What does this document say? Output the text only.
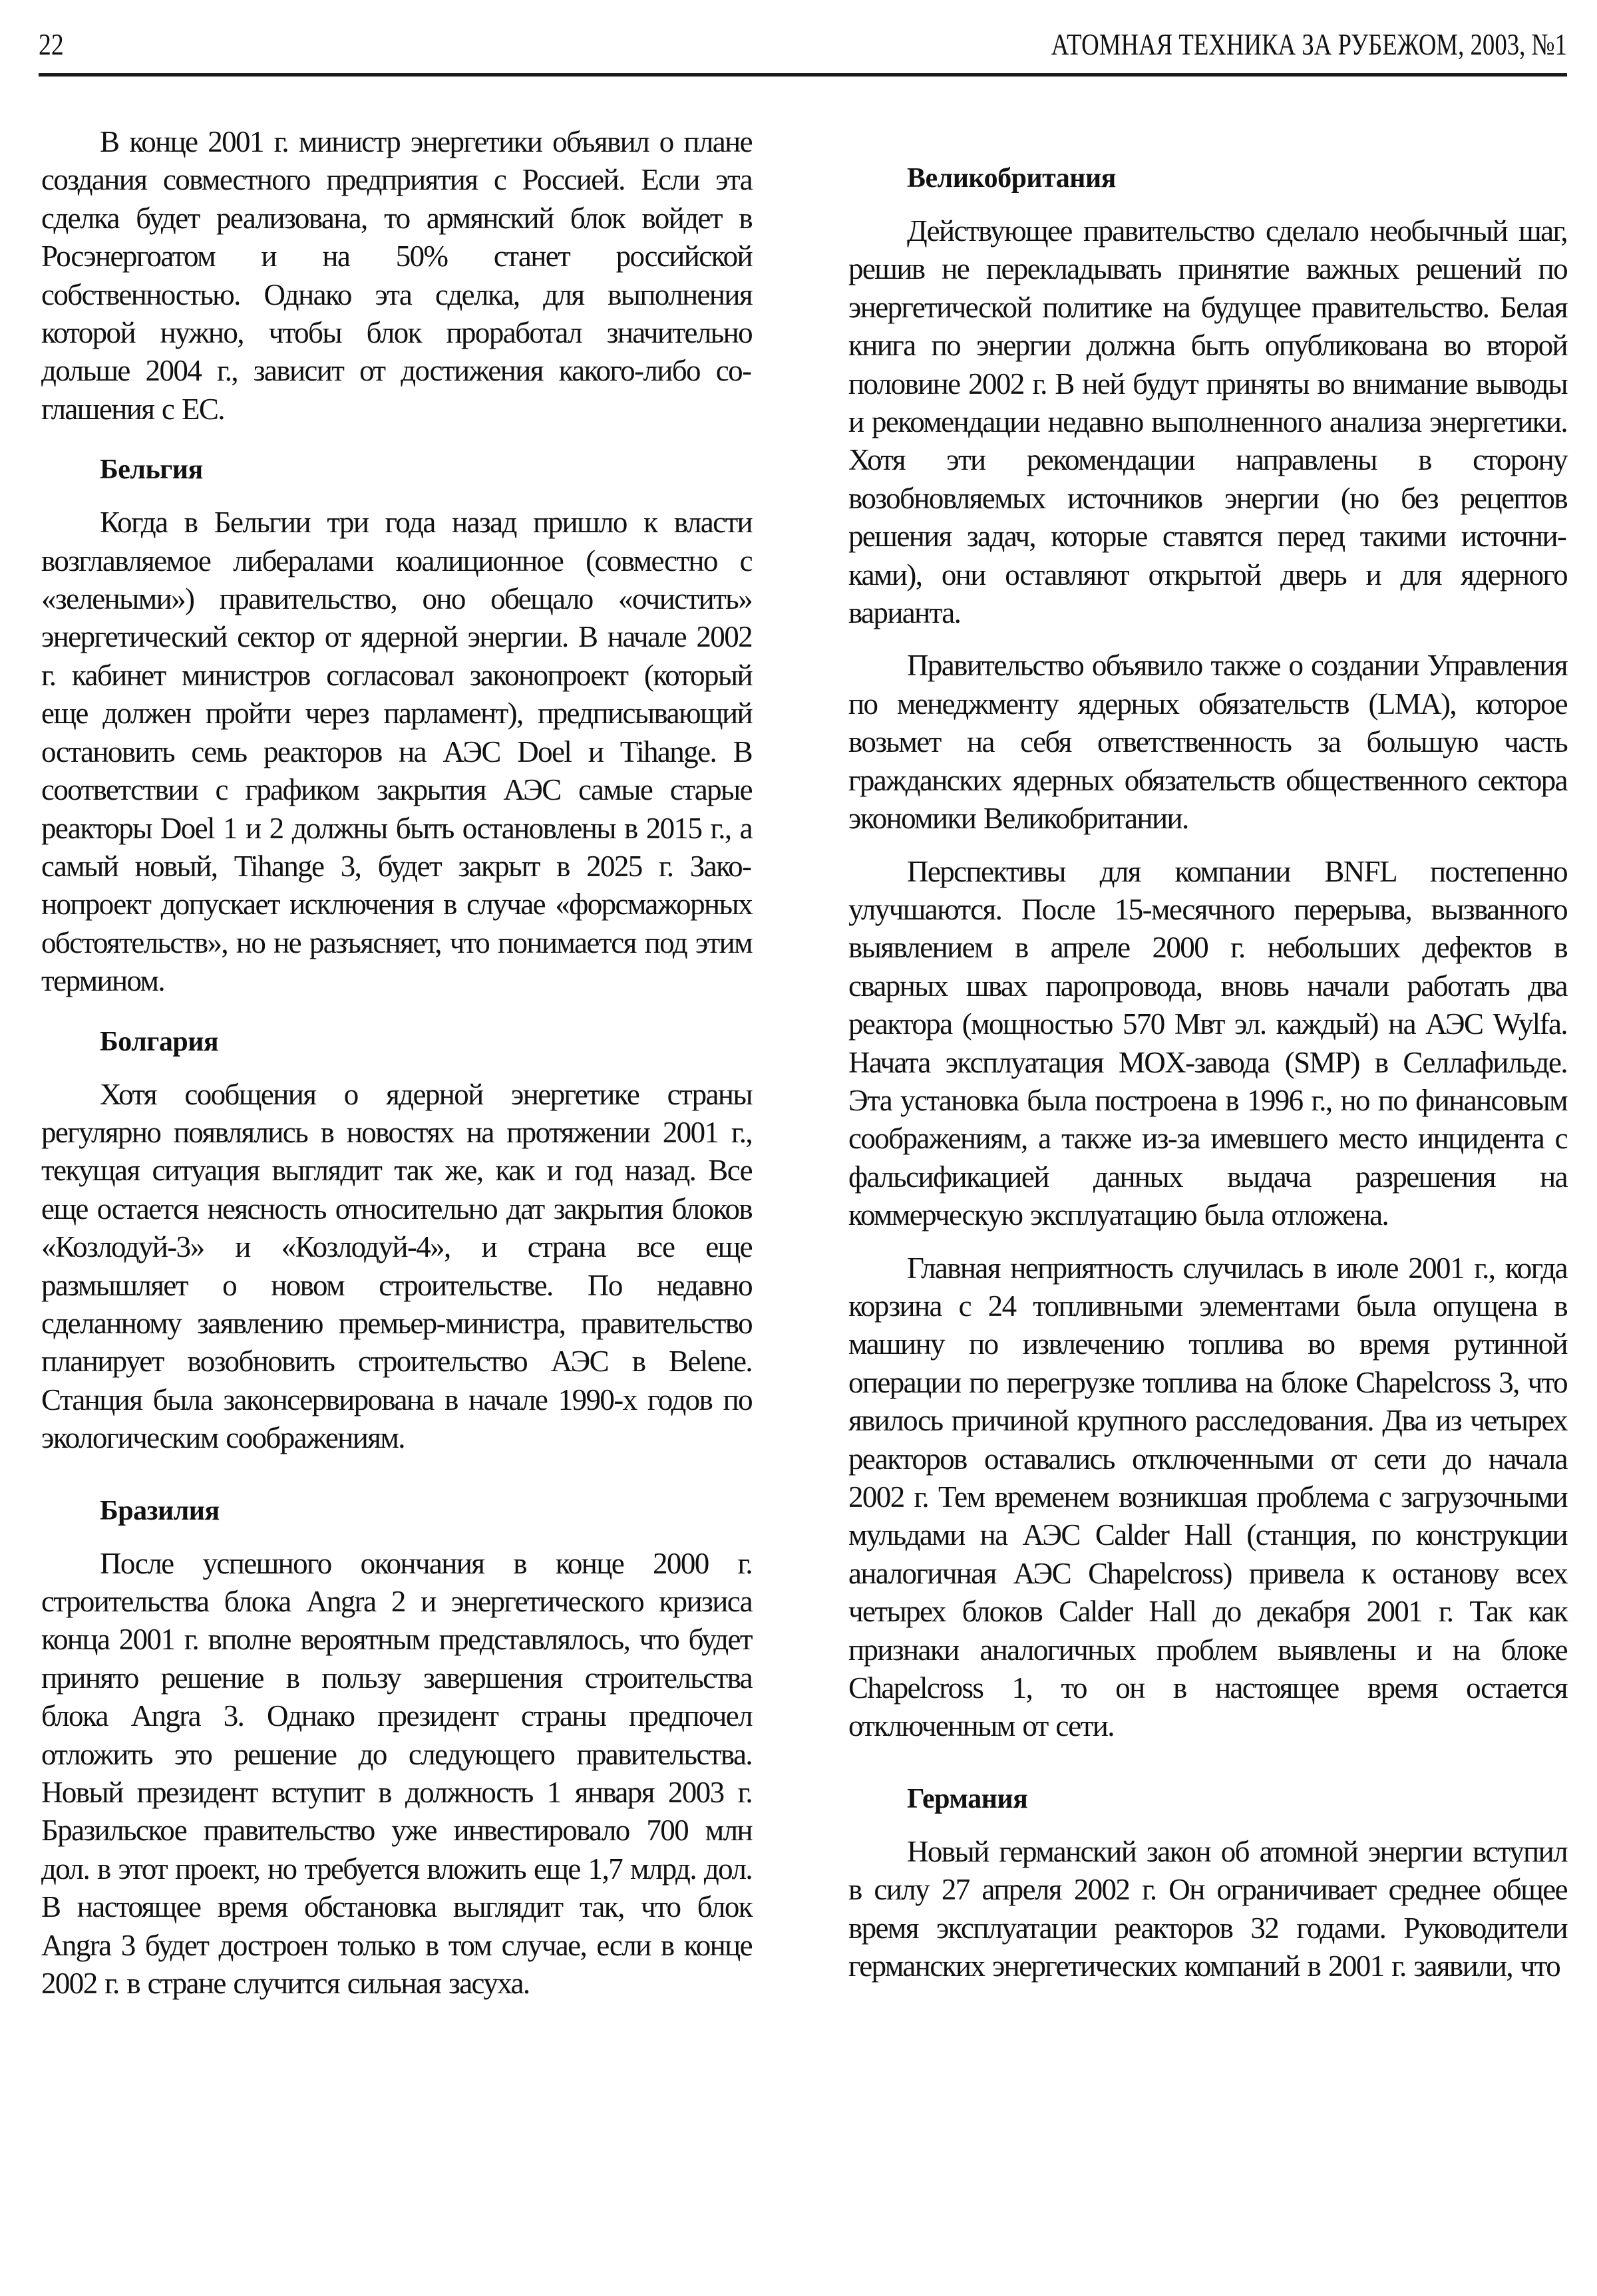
22	АТОМНАЯ ТЕХНИКА ЗА РУБЕЖОМ, 2003, №1

В конце 2001 г. министр энергетики объявил о плане создания совместного предприятия с Россией. Если эта сделка будет реализована, то армянский блок войдет в Росэнергоатом и на 50% станет российской собственностью. Однако эта сделка, для выполнения которой нужно, чтобы блок проработал значительно дольше 2004 г., зависит от достижения какого-либо соглашения с ЕС.

Бельгия

Когда в Бельгии три года назад пришло к власти возглавляемое либералами коалиционное (совместно с «зелеными») правительство, оно обещало «очистить» энергетический сектор от ядерной энергии. В начале 2002 г. кабинет министров согласовал законопроект (который еще должен пройти через парламент), предписывающий остановить семь реакторов на АЭС Doel и Tihange. В соответствии с графиком закрытия АЭС самые старые реакторы Doel 1 и 2 должны быть остановлены в 2015 г., а самый новый, Tihange 3, будет закрыт в 2025 г. Законопроект допускает исключения в случае «форсмажорных обстоятельств», но не разъясняет, что понимается под этим термином.

Болгария

Хотя сообщения о ядерной энергетике страны регулярно появлялись в новостях на протяжении 2001 г., текущая ситуация выглядит так же, как и год назад. Все еще остается неясность относительно дат закрытия блоков «Козлодуй-3» и «Козлодуй-4», и страна все еще размышляет о новом строительстве. По недавно сделанному заявлению премьер-министра, правительство планирует возобновить строительство АЭС в Belene. Станция была законсервирована в начале 1990-х годов по экологическим соображениям.

Бразилия

После успешного окончания в конце 2000 г. строительства блока Angra 2 и энергетического кризиса конца 2001 г. вполне вероятным представлялось, что будет принято решение в пользу завершения строительства блока Angra 3. Однако президент страны предпочел отложить это решение до следующего правительства. Новый президент вступит в должность 1 января 2003 г. Бразильское правительство уже инвестировало 700 млн дол. в этот проект, но требуется вложить еще 1,7 млрд. дол. В настоящее время обстановка выглядит так, что блок Angra 3 будет достроен только в том случае, если в конце 2002 г. в стране случится сильная засуха.

Великобритания

Действующее правительство сделало необычный шаг, решив не перекладывать принятие важных решений по энергетической политике на будущее правительство. Белая книга по энергии должна быть опубликована во второй половине 2002 г. В ней будут приняты во внимание выводы и рекомендации недавно выполненного анализа энергетики. Хотя эти рекомендации направлены в сторону возобновляемых источников энергии (но без рецептов решения задач, которые ставятся перед такими источниками), они оставляют открытой дверь и для ядерного варианта.

Правительство объявило также о создании Управления по менеджменту ядерных обязательств (LMA), которое возьмет на себя ответственность за большую часть гражданских ядерных обязательств общественного сектора экономики Великобритании.

Перспективы для компании BNFL постепенно улучшаются. После 15-месячного перерыва, вызванного выявлением в апреле 2000 г. небольших дефектов в сварных швах паропровода, вновь начали работать два реактора (мощностью 570 Мвт эл. каждый) на АЭС Wylfa. Начата эксплуатация MOX-завода (SMP) в Селлафильде. Эта установка была построена в 1996 г., но по финансовым соображениям, а также из-за имевшего место инцидента с фальсификацией данных выдача разрешения на коммерческую эксплуатацию была отложена.

Главная неприятность случилась в июле 2001 г., когда корзина с 24 топливными элементами была опущена в машину по извлечению топлива во время рутинной операции по перегрузке топлива на блоке Chapelcross 3, что явилось причиной крупного расследования. Два из четырех реакторов оставались отключенными от сети до начала 2002 г. Тем временем возникшая проблема с загрузочными мульдами на АЭС Calder Hall (станция, по конструкции аналогичная АЭС Chapelcross) привела к останову всех четырех блоков Calder Hall до декабря 2001 г. Так как признаки аналогичных проблем выявлены и на блоке Chapelcross 1, то он в настоящее время остается отключенным от сети.

Германия

Новый германский закон об атомной энергии вступил в силу 27 апреля 2002 г. Он ограничивает среднее общее время эксплуатации реакторов 32 годами. Руководители германских энергетических компаний в 2001 г. заявили, что
